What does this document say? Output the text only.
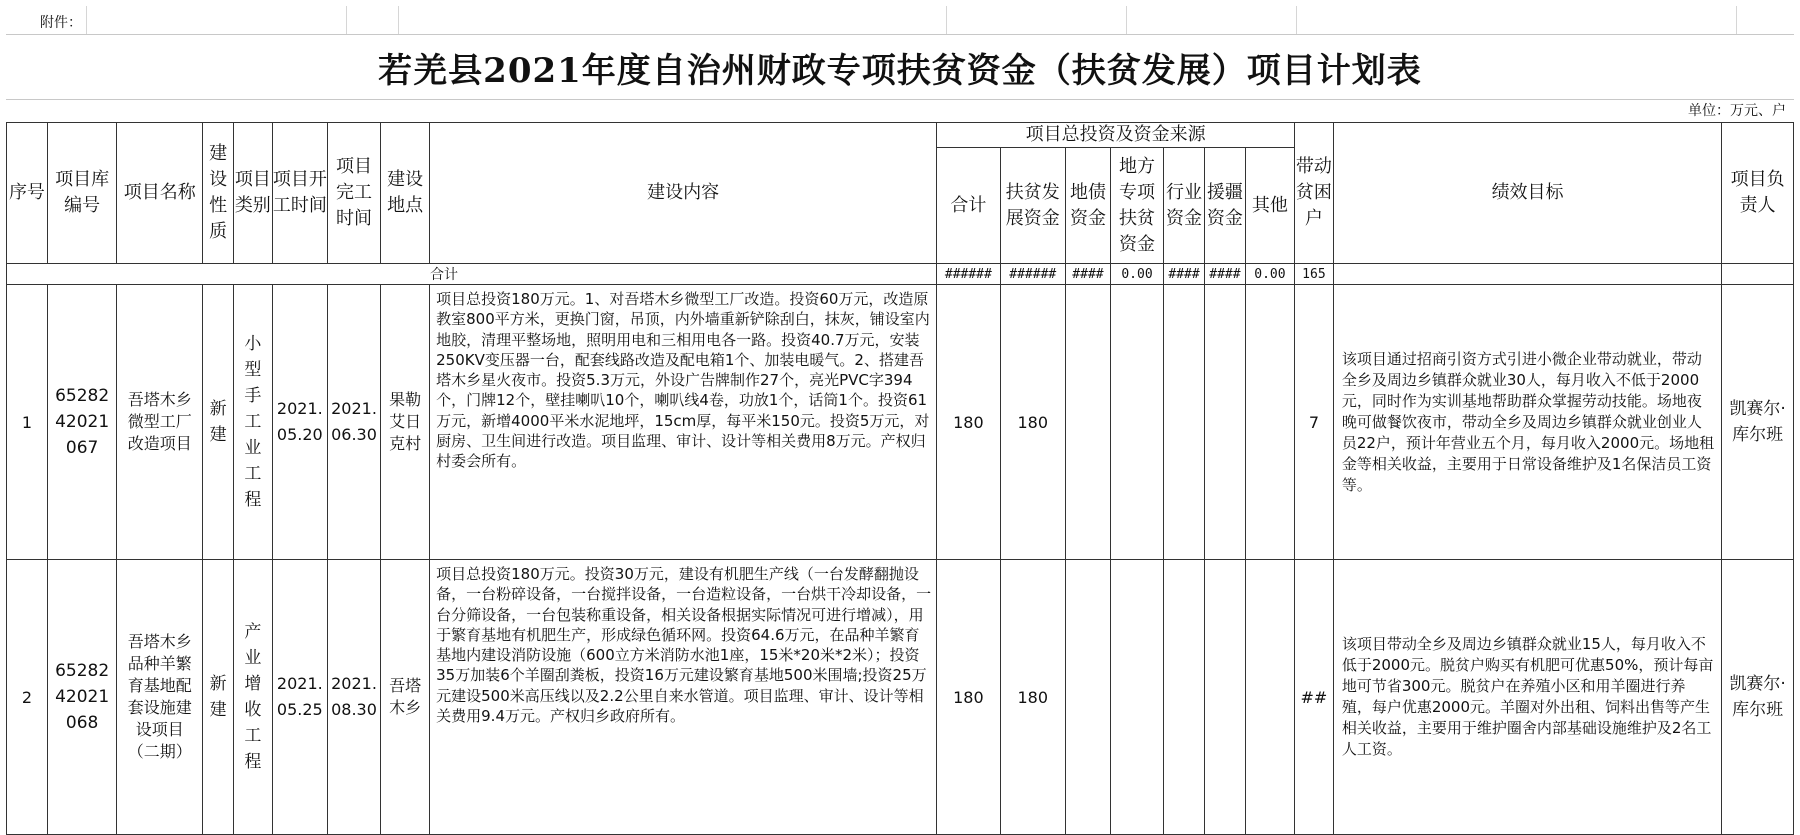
附件：
若羌县2021年度自治州财政专项扶贫资金（扶贫发展）项目计划表
单位：万元、户
序号	项目库编号	项目名称	建设性质	项目类别	项目开工时间	项目完工时间	建设地点	建设内容	项目总投资及资金来源							带动贫困户	绩效目标	项目负责人
									合计	扶贫发展资金	地债资金	地方专项扶贫资金	行业资金	援疆资金	其他			
合计									######	######	####	0.00	####	####	0.00	165		
1	6528242021067	吾塔木乡微型工厂改造项目	新建	小型手工业工程	2021.05.20	2021.06.30	果勒艾日克村	项目总投资180万元。1、对吾塔木乡微型工厂改造。投资60万元，改造原教室800平方米，更换门窗，吊顶，内外墙重新铲除刮白，抹灰，铺设室内地胶，清理平整场地，照明用电和三相用电各一路。投资40.7万元，安装250KV变压器一台，配套线路改造及配电箱1个、加装电暖气。2、搭建吾塔木乡星火夜市。投资5.3万元，外设广告牌制作27个，亮光PVC字394个，门牌12个，壁挂喇叭10个，喇叭线4卷，功放1个，话筒1个。投资61万元，新增4000平米水泥地坪，15cm厚，每平米150元。投资5万元，对厨房、卫生间进行改造。项目监理、审计、设计等相关费用8万元。产权归村委会所有。	180	180						7	该项目通过招商引资方式引进小微企业带动就业，带动全乡及周边乡镇群众就业30人，每月收入不低于2000元，同时作为实训基地帮助群众掌握劳动技能。场地夜晚可做餐饮夜市，带动全乡及周边乡镇群众就业创业人员22户，预计年营业五个月，每月收入2000元。场地租金等相关收益，主要用于日常设备维护及1名保洁员工资等。	凯赛尔·库尔班
2	6528242021068	吾塔木乡品种羊繁育基地配套设施建设项目（二期）	新建	产业增收工程	2021.05.25	2021.08.30	吾塔木乡	项目总投资180万元。投资30万元，建设有机肥生产线（一台发酵翻抛设备，一台粉碎设备，一台搅拌设备，一台造粒设备，一台烘干冷却设备，一台分筛设备，一台包装称重设备，相关设备根据实际情况可进行增减），用于繁育基地有机肥生产，形成绿色循环网。投资64.6万元，在品种羊繁育基地内建设消防设施（600立方米消防水池1座，15米*20米*2米）；投资35万加装6个羊圈刮粪板，投资16万元建设繁育基地500米围墙;投资25万元建设500米高压线以及2.2公里自来水管道。项目监理、审计、设计等相关费用9.4万元。产权归乡政府所有。	180	180						##	该项目带动全乡及周边乡镇群众就业15人，每月收入不低于2000元。脱贫户购买有机肥可优惠50%，预计每亩地可节省300元。脱贫户在养殖小区和用羊圈进行养殖，每户优惠2000元。羊圈对外出租、饲料出售等产生相关收益，主要用于维护圈舍内部基础设施维护及2名工人工资。	凯赛尔·库尔班
